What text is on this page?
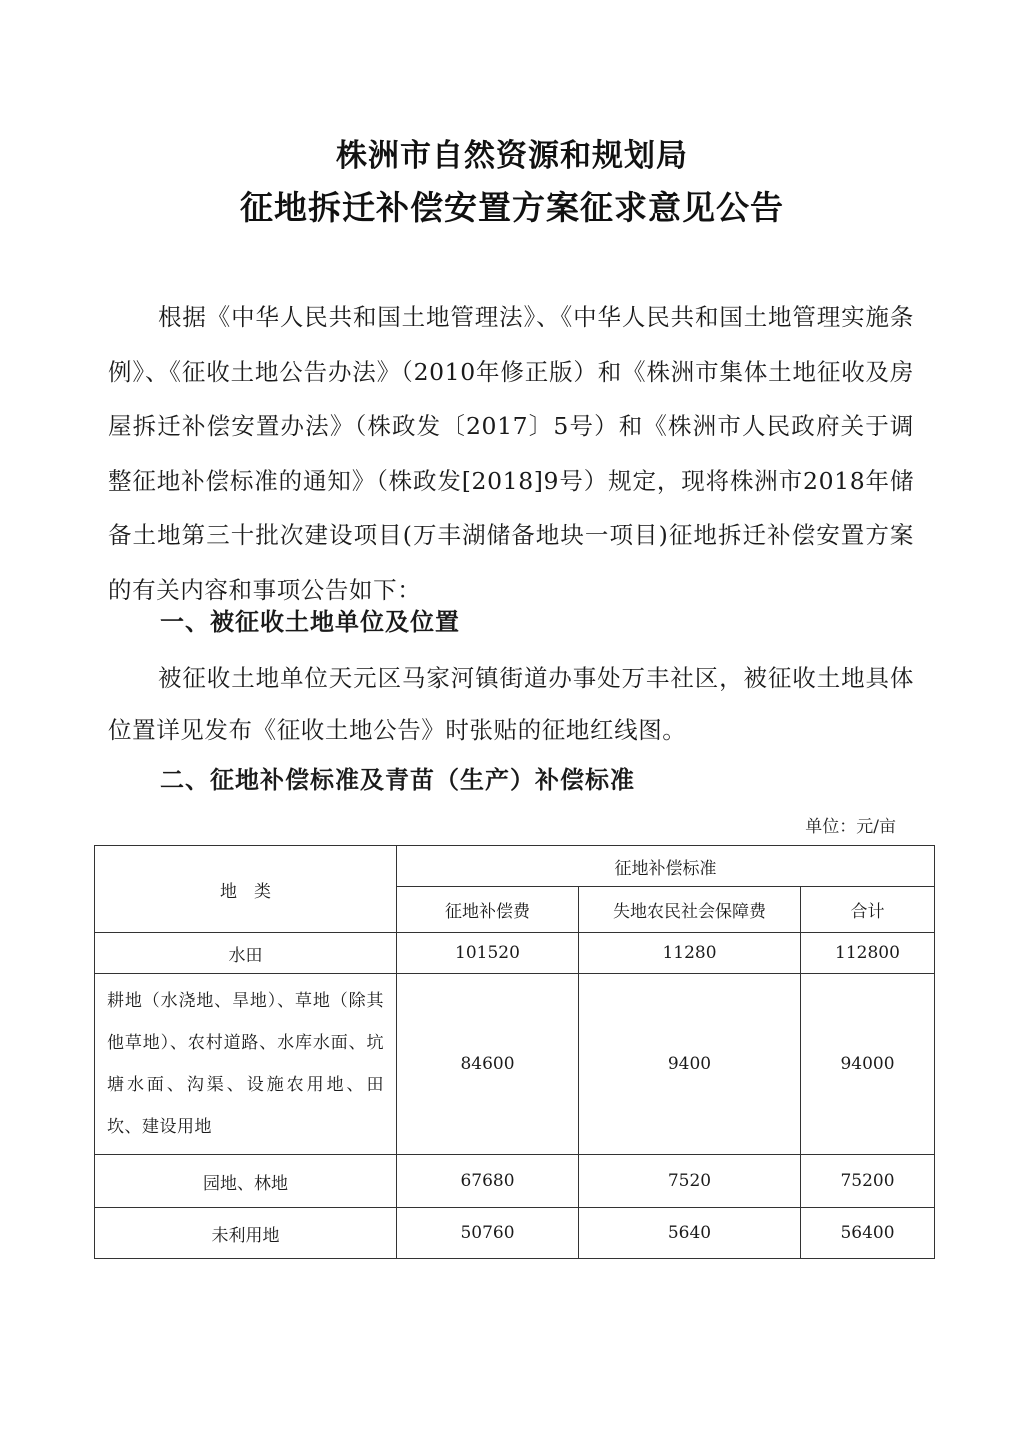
株洲市自然资源和规划局
征地拆迁补偿安置方案征求意见公告
根据《中华人民共和国土地管理法》、《中华人民共和国土地管理实施条例》、《征收土地公告办法》（2010年修正版）和《株洲市集体土地征收及房屋拆迁补偿安置办法》（株政发〔2017〕5号）和《株洲市人民政府关于调整征地补偿标准的通知》（株政发[2018]9号）规定，现将株洲市2018年储备土地第三十批次建设项目(万丰湖储备地块一项目)征地拆迁补偿安置方案的有关内容和事项公告如下：
一、被征收土地单位及位置
被征收土地单位天元区马家河镇街道办事处万丰社区，被征收土地具体位置详见发布《征收土地公告》时张贴的征地红线图。
二、征地补偿标准及青苗（生产）补偿标准
单位：元/亩
地　类	征地补偿标准		
	征地补偿费	失地农民社会保障费	合计
水田	101520	11280	112800
耕地（水浇地、旱地）、草地（除其他草地）、农村道路、水库水面、坑塘水面、沟渠、设施农用地、田坎、建设用地	84600	9400	94000
园地、林地	67680	7520	75200
未利用地	50760	5640	56400
